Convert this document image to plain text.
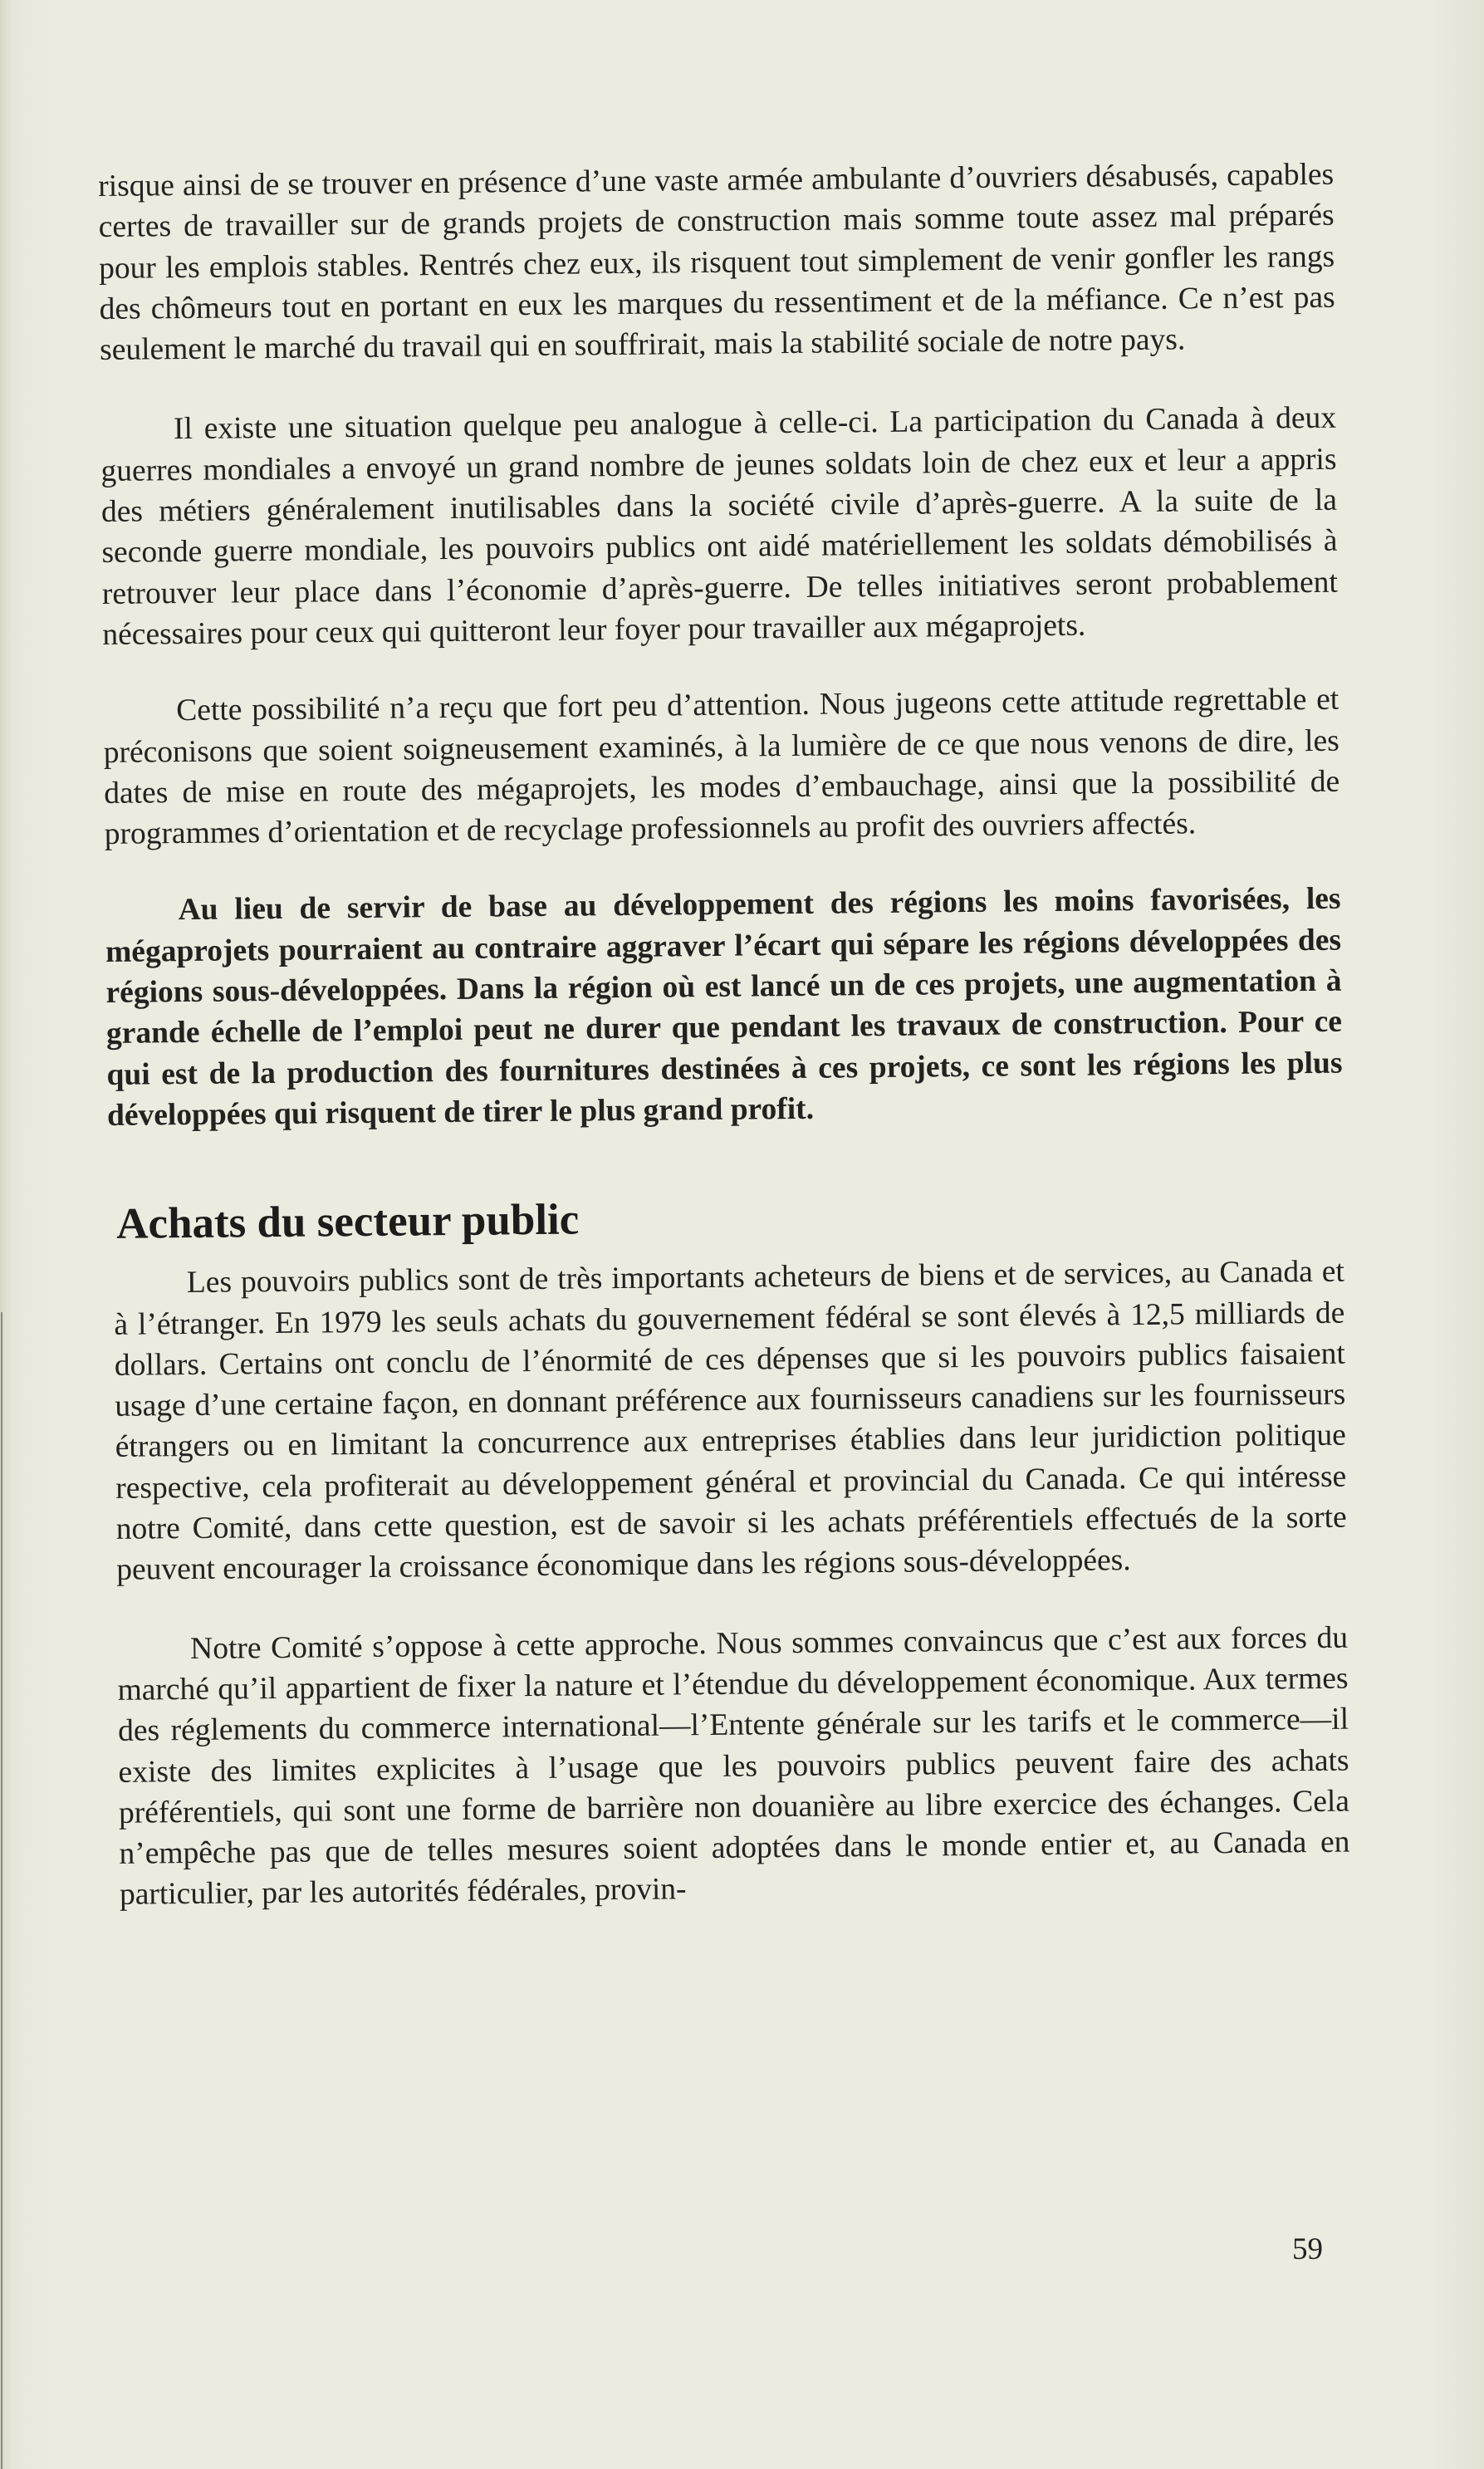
risque ainsi de se trouver en présence d’une vaste armée ambulante d’ouvriers désabusés, capables certes de travailler sur de grands projets de construction mais somme toute assez mal préparés pour les emplois stables. Rentrés chez eux, ils risquent tout simplement de venir gonfler les rangs des chômeurs tout en portant en eux les marques du ressentiment et de la méfiance. Ce n’est pas seulement le marché du travail qui en souffrirait, mais la stabilité sociale de notre pays.

Il existe une situation quelque peu analogue à celle-ci. La participation du Canada à deux guerres mondiales a envoyé un grand nombre de jeunes soldats loin de chez eux et leur a appris des métiers généralement inutilisables dans la société civile d’après-guerre. A la suite de la seconde guerre mondiale, les pouvoirs publics ont aidé matériellement les soldats démobilisés à retrouver leur place dans l’économie d’après-guerre. De telles initiatives seront probablement nécessaires pour ceux qui quitteront leur foyer pour travailler aux mégaprojets.

Cette possibilité n’a reçu que fort peu d’attention. Nous jugeons cette attitude regrettable et préconisons que soient soigneusement examinés, à la lumière de ce que nous venons de dire, les dates de mise en route des mégaprojets, les modes d’embauchage, ainsi que la possibilité de programmes d’orientation et de recyclage professionnels au profit des ouvriers affectés.

Au lieu de servir de base au développement des régions les moins favorisées, les mégaprojets pourraient au contraire aggraver l’écart qui sépare les régions développées des régions sous-développées. Dans la région où est lancé un de ces projets, une augmentation à grande échelle de l’emploi peut ne durer que pendant les travaux de construction. Pour ce qui est de la production des fournitures destinées à ces projets, ce sont les régions les plus développées qui risquent de tirer le plus grand profit.

Achats du secteur public

Les pouvoirs publics sont de très importants acheteurs de biens et de services, au Canada et à l’étranger. En 1979 les seuls achats du gouvernement fédéral se sont élevés à 12,5 milliards de dollars. Certains ont conclu de l’énormité de ces dépenses que si les pouvoirs publics faisaient usage d’une certaine façon, en donnant préférence aux fournisseurs canadiens sur les fournisseurs étrangers ou en limitant la concurrence aux entreprises établies dans leur juridiction politique respective, cela profiterait au développement général et provincial du Canada. Ce qui intéresse notre Comité, dans cette question, est de savoir si les achats préférentiels effectués de la sorte peuvent encourager la croissance économique dans les régions sous-développées.

Notre Comité s’oppose à cette approche. Nous sommes convaincus que c’est aux forces du marché qu’il appartient de fixer la nature et l’étendue du développement économique. Aux termes des réglements du commerce international—l’Entente générale sur les tarifs et le commerce—il existe des limites explicites à l’usage que les pouvoirs publics peuvent faire des achats préférentiels, qui sont une forme de barrière non douanière au libre exercice des échanges. Cela n’empêche pas que de telles mesures soient adoptées dans le monde entier et, au Canada en particulier, par les autorités fédérales, provin-

59
